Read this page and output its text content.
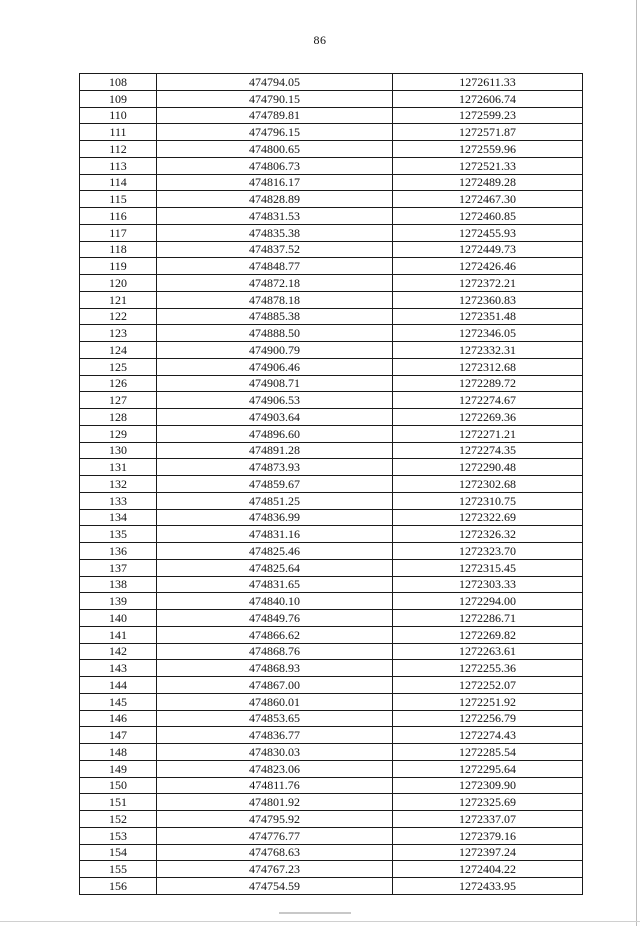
86
108	474794.05	1272611.33
109	474790.15	1272606.74
110	474789.81	1272599.23
111	474796.15	1272571.87
112	474800.65	1272559.96
113	474806.73	1272521.33
114	474816.17	1272489.28
115	474828.89	1272467.30
116	474831.53	1272460.85
117	474835.38	1272455.93
118	474837.52	1272449.73
119	474848.77	1272426.46
120	474872.18	1272372.21
121	474878.18	1272360.83
122	474885.38	1272351.48
123	474888.50	1272346.05
124	474900.79	1272332.31
125	474906.46	1272312.68
126	474908.71	1272289.72
127	474906.53	1272274.67
128	474903.64	1272269.36
129	474896.60	1272271.21
130	474891.28	1272274.35
131	474873.93	1272290.48
132	474859.67	1272302.68
133	474851.25	1272310.75
134	474836.99	1272322.69
135	474831.16	1272326.32
136	474825.46	1272323.70
137	474825.64	1272315.45
138	474831.65	1272303.33
139	474840.10	1272294.00
140	474849.76	1272286.71
141	474866.62	1272269.82
142	474868.76	1272263.61
143	474868.93	1272255.36
144	474867.00	1272252.07
145	474860.01	1272251.92
146	474853.65	1272256.79
147	474836.77	1272274.43
148	474830.03	1272285.54
149	474823.06	1272295.64
150	474811.76	1272309.90
151	474801.92	1272325.69
152	474795.92	1272337.07
153	474776.77	1272379.16
154	474768.63	1272397.24
155	474767.23	1272404.22
156	474754.59	1272433.95
